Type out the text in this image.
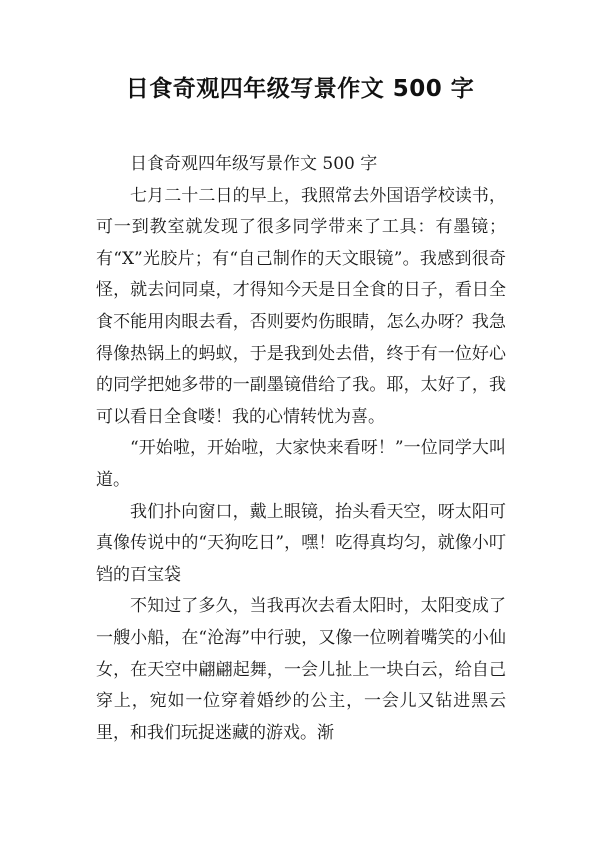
日食奇观四年级写景作文 500 字

日食奇观四年级写景作文 500 字

七月二十二日的早上，我照常去外国语学校读书，可一到教室就发现了很多同学带来了工具：有墨镜；有“X”光胶片；有“自己制作的天文眼镜”。我感到很奇怪，就去问同桌，才得知今天是日全食的日子，看日全食不能用肉眼去看，否则要灼伤眼睛，怎么办呀？我急得像热锅上的蚂蚁，于是我到处去借，终于有一位好心的同学把她多带的一副墨镜借给了我。耶，太好了，我可以看日全食喽！我的心情转忧为喜。

“开始啦，开始啦，大家快来看呀！”一位同学大叫道。

我们扑向窗口，戴上眼镜，抬头看天空，呀太阳可真像传说中的“天狗吃日”，嘿！吃得真均匀，就像小叮铛的百宝袋

不知过了多久，当我再次去看太阳时，太阳变成了一艘小船，在“沧海”中行驶，又像一位咧着嘴笑的小仙女，在天空中翩翩起舞，一会儿扯上一块白云，给自己穿上，宛如一位穿着婚纱的公主，一会儿又钻进黑云里，和我们玩捉迷藏的游戏。渐
